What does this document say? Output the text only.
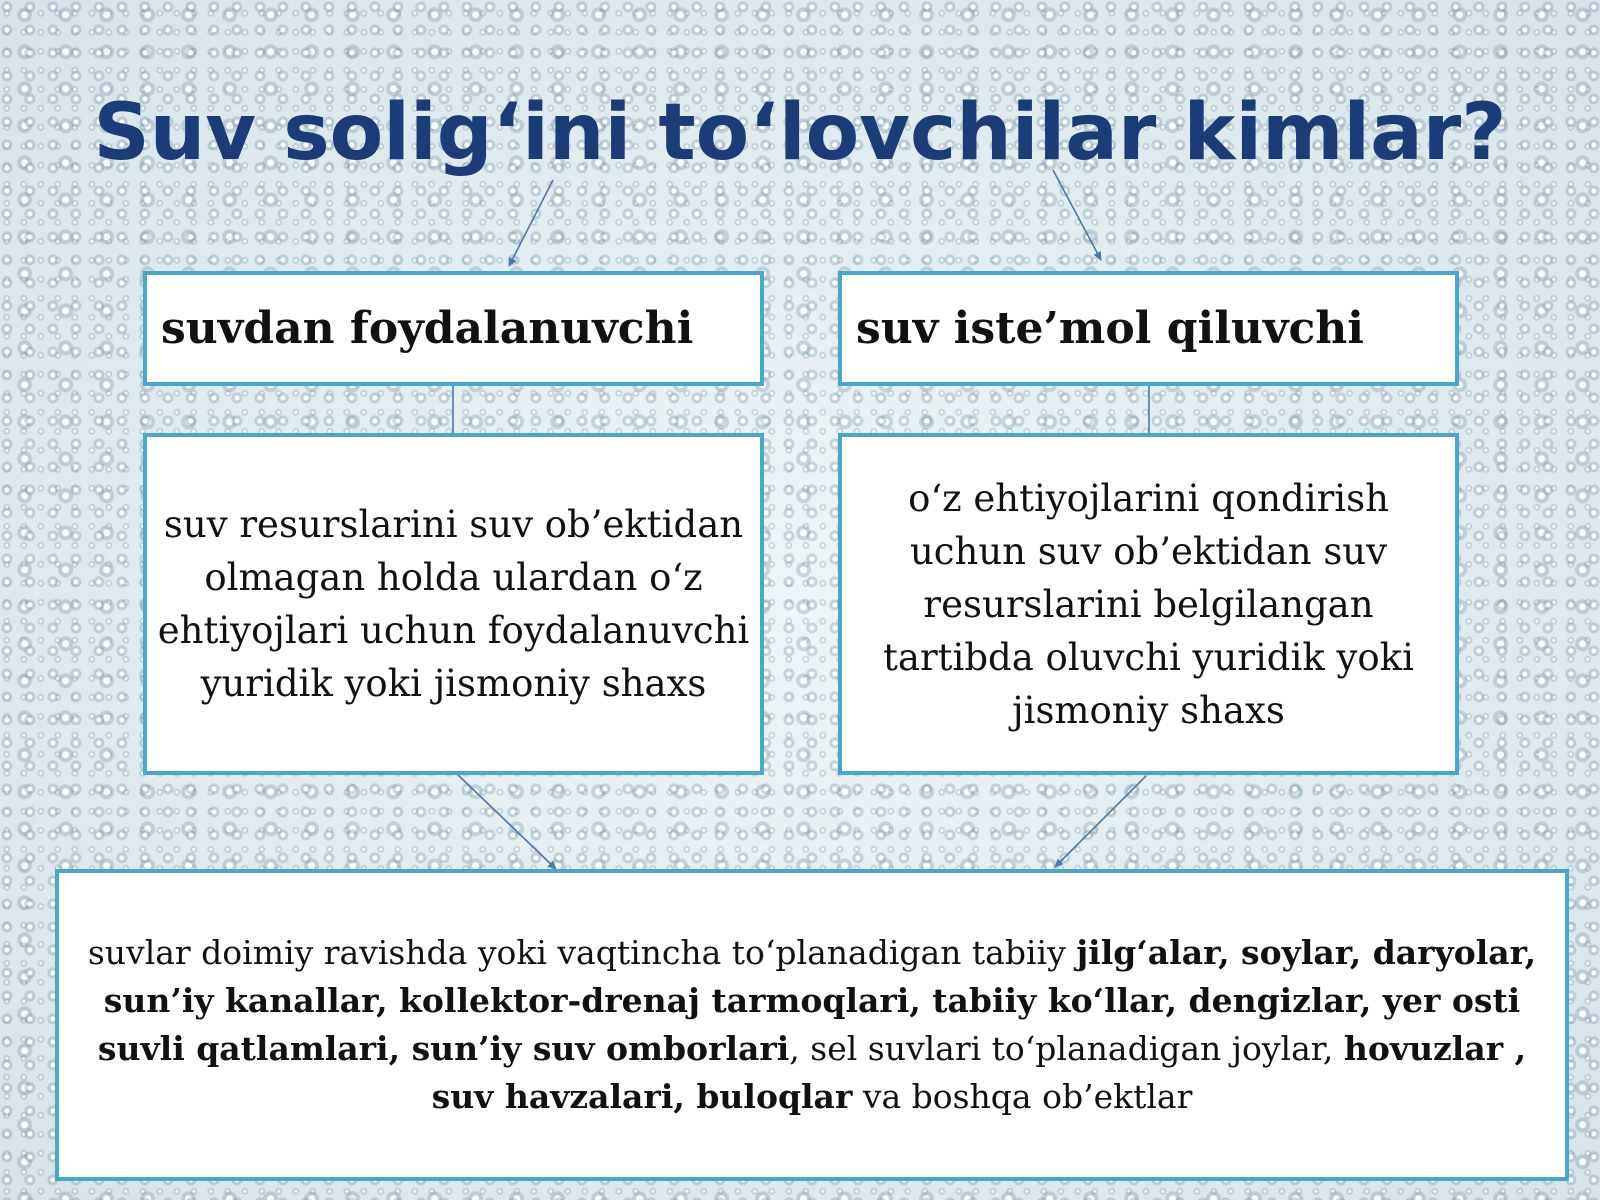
Suv solig‘ini to‘lovchilar kimlar?
suvdan foydalanuvchi	suv iste’mol qiluvchi
suv resurslarini suv ob’ektidan olmagan holda ulardan o‘z ehtiyojlari uchun foydalanuvchi yuridik yoki jismoniy shaxs
o‘z ehtiyojlarini qondirish uchun suv ob’ektidan suv resurslarini belgilangan tartibda oluvchi yuridik yoki jismoniy shaxs
suvlar doimiy ravishda yoki vaqtincha to‘planadigan tabiiy jilg‘alar, soylar, daryolar, sun’iy kanallar, kollektor-drenaj tarmoqlari, tabiiy ko‘llar, dengizlar, yer osti suvli qatlamlari, sun’iy suv omborlari, sel suvlari to‘planadigan joylar, hovuzlar , suv havzalari, buloqlar va boshqa ob’ektlar
